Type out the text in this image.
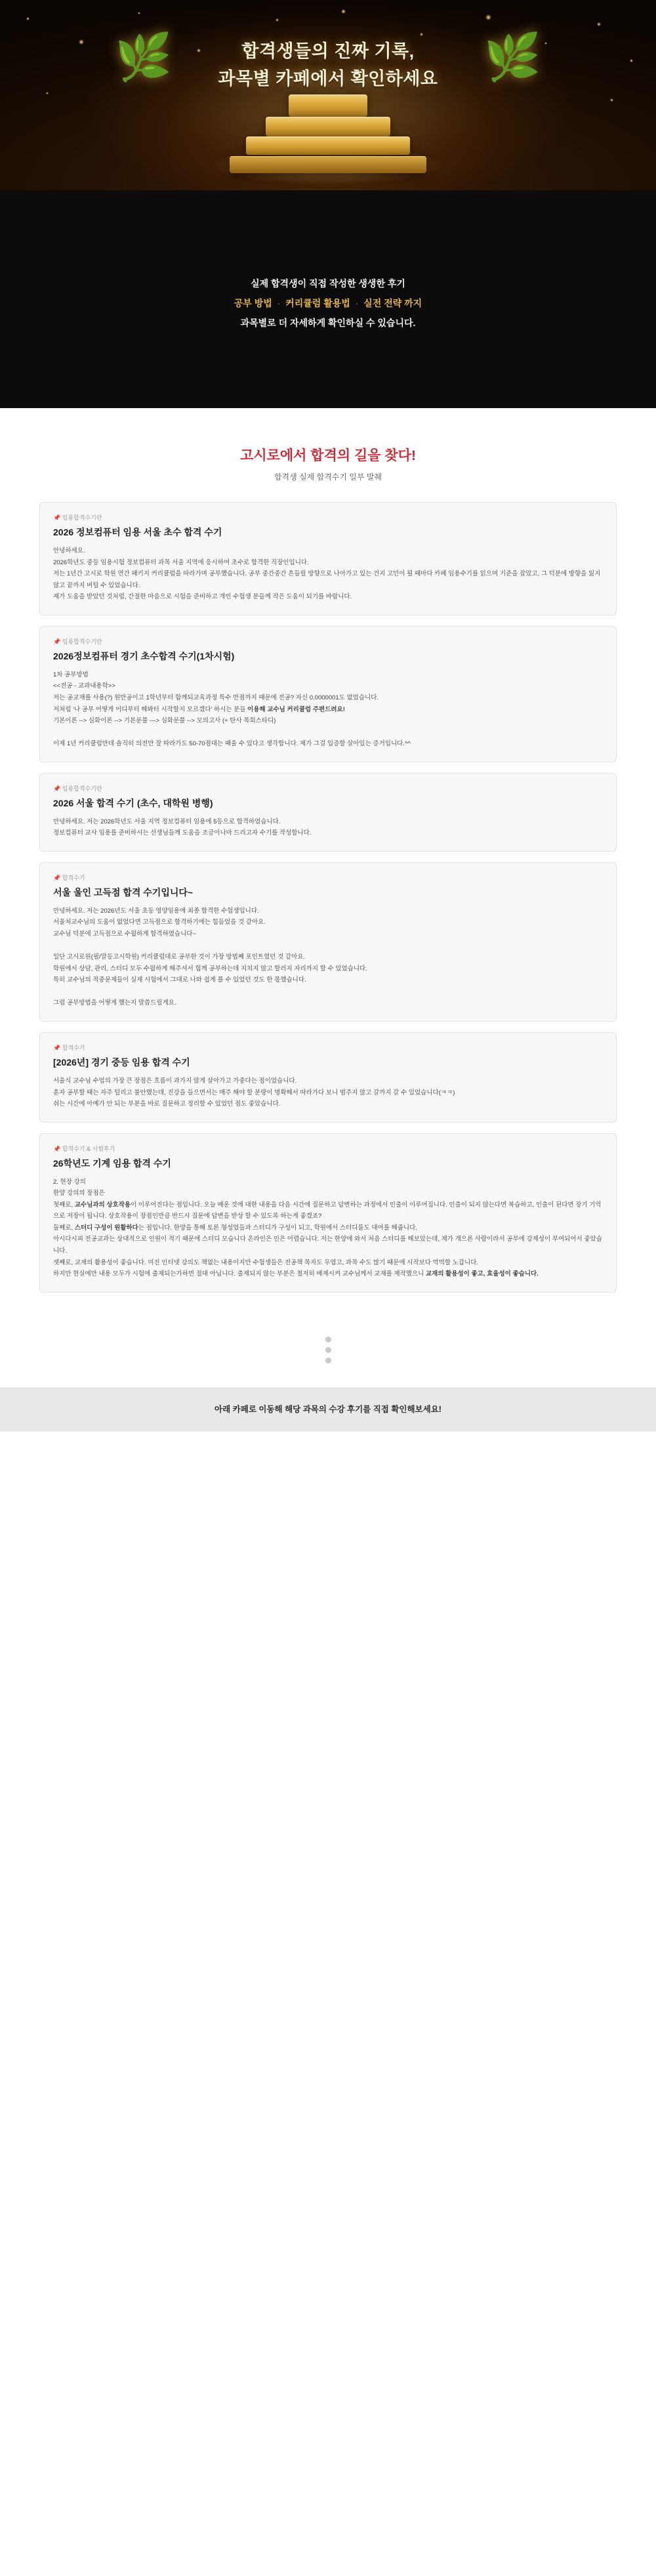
🌿	🌿
합격생들의 진짜 기록,
과목별 카페에서 확인하세요
실제 합격생이 직접 작성한 생생한 후기
공부 방법 · 커리큘럼 활용법 · 실전 전략 까지
과목별로 더 자세하게 확인하실 수 있습니다.
고시로에서 합격의 길을 찾다!
합격생 실제 합격수기 일부 발췌
📌 임용합격수기란
2026 정보컴퓨터 임용 서울 초수 합격 수기
안녕하세요.
2026학년도 중등 임용시험 정보컴퓨터 과목 서울 지역에 응시하여 초수로 합격한 직장인입니다.
저는 1년간 고시로 학원 연간 패키지 커리큘럼을 따라가며 공부했습니다. 공부 중간중간 흔들릴 방향으로 나아가고 있는 건지 고민이 될 때마다 카페 임용수기를 읽으며 기준을 잡았고, 그 덕분에 방향을 잃지 않고 끝까지 버틸 수 있었습니다.
제가 도움을 받았던 것처럼, 간절한 마음으로 시험을 준비하고 개인 수험생 분들께 작은 도움이 되기를 바랍니다.
📌 임용합격수기란
2026정보컴퓨터 경기 초수합격 수기(1차시험)
1차 공부방법
<<전공 - 교과내용학>>
저는 공교재를 사용(?) 원만공이고 1학년부터 함께되교육과정 특수 만점까지 때문에 전공? 자신 0.0000001도 없었습니다.
저처럼 '나 공부 어떻게 어디부터 해봐터 시작할지 모르겠다' 하시는 분들 이용해 교수님 커리큘럼 주편드려요!
기본이론 --> 심화이론 --> 기본문풀 ---> 심화문풀 --> 모의고사 (+ 탄사 목회스타디)

이제 1년 커리큘럼만데 솔직히 의전만 잘 따라가도 50-70점대는 때울 수 있다고 생각합니다. 제가 그걸 입증할 살아있는 증거입니다.^^
📌 임용합격수기란
2026 서울 합격 수기 (초수, 대학원 병행)
안녕하세요. 저는 2026학년도 서울 지역 정보컴퓨터 임용에 5등으로 합격하였습니다.
정보컴퓨터 교사 임용를 준비하시는 선생님들께 도움을 조금이나마 드리고자 수기를 작성합니다.
📌 합격수기
서울 울인 고득점 합격 수기입니다~
안녕하세요. 저는 2026년도 서울 초등 영양임용에 최종 합격한 수험생입니다.
서울처교수님의 도움이 없었다면 고득점으로 합격하기에는 힘들었을 것 같아요.
교수님 덕분에 고득점으로 수월하게 합격하였습니다~

일단 고시로원(필/말등고시학원) 커리큘럼대로 공부한 것이 가장 방법째 포인트였던 것 같아요.
학원에서 상담, 관리, 스터디 모두 수월하게 해주셔서 힘께 공부하는데 지치지 않고 할러지 자리까지 할 수 있었습니다.
특히 교수님의 적중문제들이 실제 시험에서 그대로 나와 쉽게 풀 수 있었던 것도 한 몫했습니다.

그럼 공부방법을 어떻게 했는지 말씀드릴게요.
📌 합격수기
[2026년] 경기 중등 임용 합격 수기
서울식 교수님 수업의 가장 큰 장점은 흐름이 과가지 않게 살아가고 가중다는 점이었습니다.
훈자 공부할 때는 자주 털리고 불안했는데, 진강을 들으면서는 매주 해야 할 분량이 명확해서 따라가다 보니 범주지 않고 갈까지 갈 수 있었습니다(ㅋㅋ)
쉬는 시간에 아예가 안 되는 부분을 바로 질문하고 정리할 수 있었던 점도 좋았습니다.
📌 합격수기 & 시험후기
26학년도 기계 임용 합격 수기
2. 현장 강의
한양 강의의 장점은
첫째로, 교수님과의 상호작용이 이루어진다는 점입니다. 오늘 배운 것에 대한 내용을 다음 시간에 질문하고 답변하는 과정에서 인출이 이루어집니다. 인출이 되지 않는다면 복습하고, 인출이 된다면 장기 기억으로 저장이 됩니다. 상호작용이 장점인만큼 반드시 질문에 답변을 받상 할 수 있도록 하는게 좋겠죠?
둘째로, 스터디 구성이 원활하다는 점입니다. 한양을 통해 토론 형성었들과 스터디가 구성이 되고, 학원에서 스터디룸도 대여를 해줍니다.
아시다시피 전공교과는 상대적으로 인원이 적기 때문에 스터디 모습니다 온라인은 인은 어렵습니다. 저는 한양에 와서 처음 스터디를 해보았는데, 제가 개으론 사람이라서 공부에 강제성이 부여되어서 좋았습니다.
셋째로, 교재의 활용성이 좋습니다. 미진 인터넷 강의도 책없는 내용이지만 수험생들은 전공책 목자도 무엽고, 과목 수도 많기 때문에 시작보다 먹먹할 노갑니다.
하지만 현실에만 내용 모두가 시험에 출제되는가하면 절대 아닙니다. 출제되지 않는 부분은 철저히 배제시켜 교수님께서 교재를 제작했으니 교재의 활용성이 좋고, 효율성이 좋습니다.
아래 카페로 이동해 해당 과목의 수강 후기를 직접 확인해보세요!
